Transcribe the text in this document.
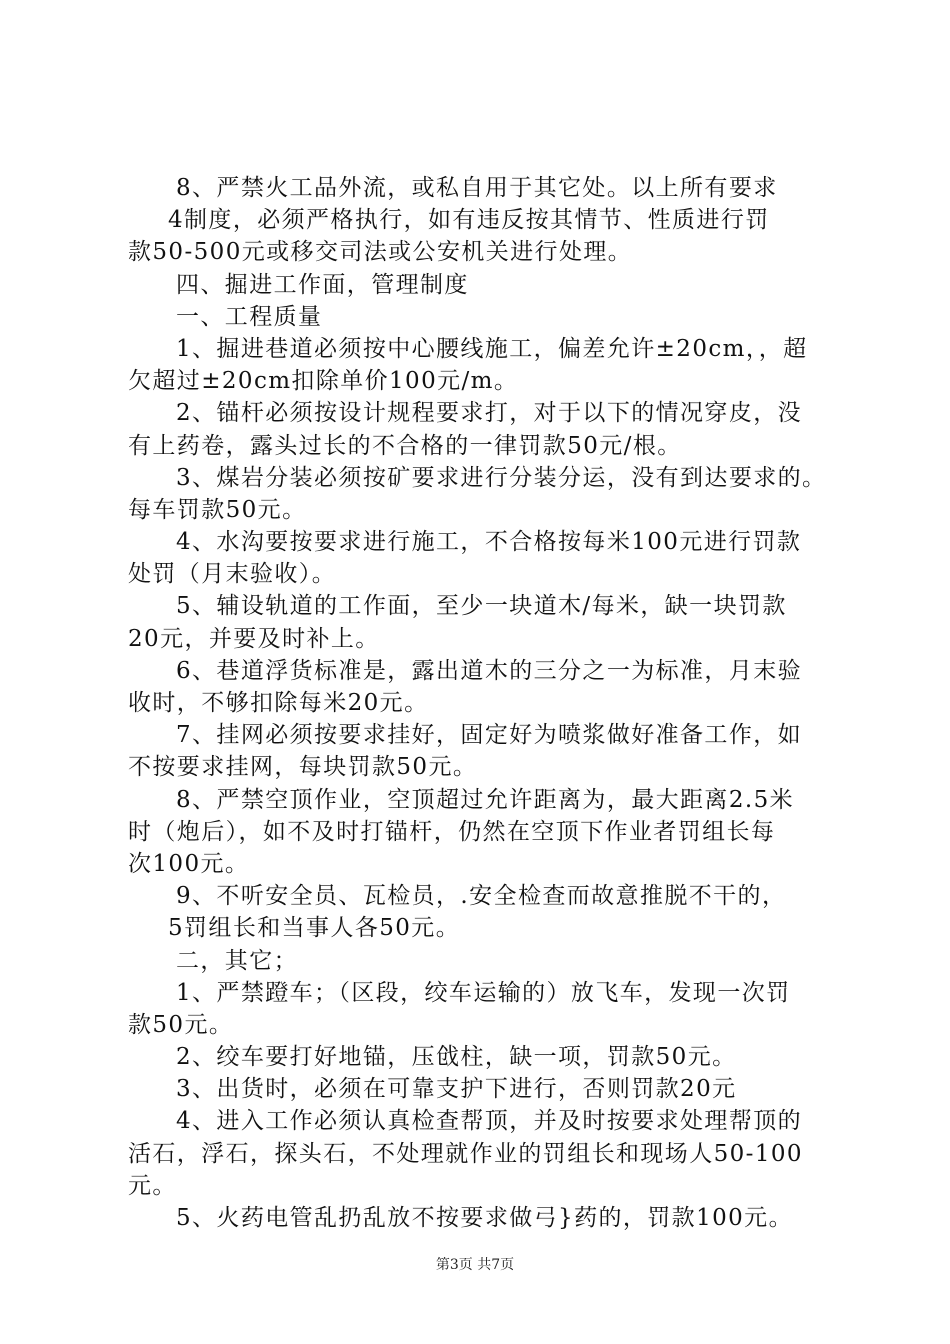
8、严禁火工品外流，或私自用于其它处。以上所有要求
4制度，必须严格执行，如有违反按其情节、性质进行罚
款50-500元或移交司法或公安机关进行处理。
四、掘进工作面，管理制度
一、工程质量
1、掘进巷道必须按中心腰线施工，偏差允许±20cm，，超
欠超过±20cm扣除单价100元/m。
2、锚杆必须按设计规程要求打，对于以下的情况穿皮，没
有上药卷，露头过长的不合格的一律罚款50元/根。
3、煤岩分装必须按矿要求进行分装分运，没有到达要求的。
每车罚款50元。
4、水沟要按要求进行施工，不合格按每米100元进行罚款
处罚（月末验收）。
5、辅设轨道的工作面，至少一块道木/每米，缺一块罚款
20元，并要及时补上。
6、巷道浮货标准是，露出道木的三分之一为标准，月末验
收时，不够扣除每米20元。
7、挂网必须按要求挂好，固定好为喷浆做好准备工作，如
不按要求挂网，每块罚款50元。
8、严禁空顶作业，空顶超过允许距离为，最大距离2.5米
时（炮后），如不及时打锚杆，仍然在空顶下作业者罚组长每
次100元。
9、不听安全员、瓦检员，.安全检查而故意推脱不干的，
5罚组长和当事人各50元。
二，其它；
1、严禁蹬车；（区段，绞车运输的）放飞车，发现一次罚
款50元。
2、绞车要打好地锚，压戗柱，缺一项，罚款50元。
3、出货时，必须在可靠支护下进行，否则罚款20元
4、进入工作必须认真检查帮顶，并及时按要求处理帮顶的
活石，浮石，探头石，不处理就作业的罚组长和现场人50-100
元。
5、火药电管乱扔乱放不按要求做弓}药的，罚款100元。
第3页 共7页
